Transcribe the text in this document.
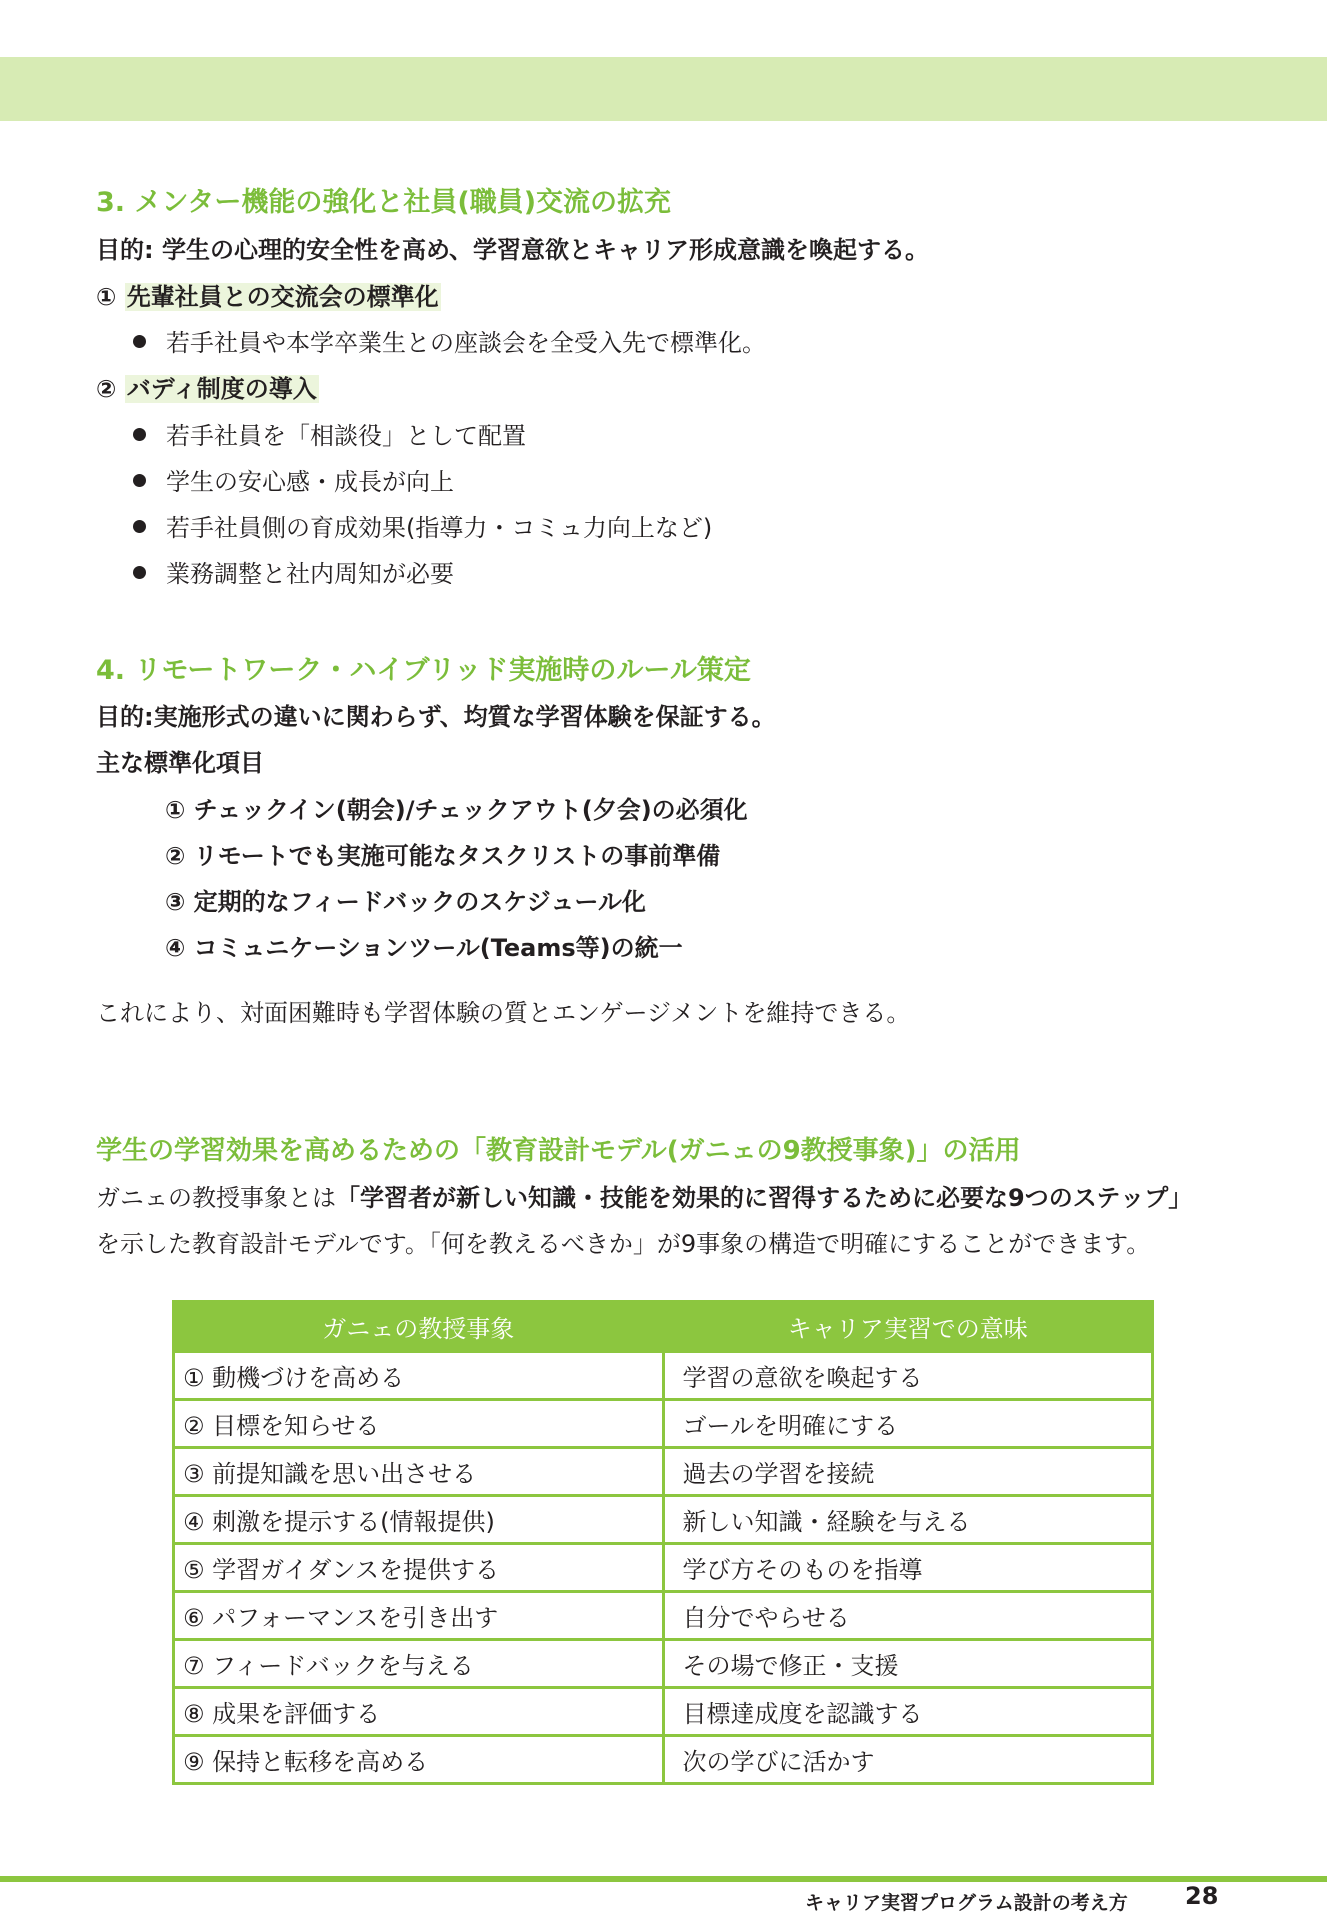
3. メンター機能の強化と社員(職員)交流の拡充
目的: 学生の心理的安全性を高め、学習意欲とキャリア形成意識を喚起する。
① 先輩社員との交流会の標準化
若手社員や本学卒業生との座談会を全受入先で標準化。
② バディ制度の導入
若手社員を「相談役」として配置
学生の安心感・成長が向上
若手社員側の育成効果(指導力・コミュ力向上など)
業務調整と社内周知が必要
4. リモートワーク・ハイブリッド実施時のルール策定
目的:実施形式の違いに関わらず、均質な学習体験を保証する。
主な標準化項目
① チェックイン(朝会)/チェックアウト(夕会)の必須化
② リモートでも実施可能なタスクリストの事前準備
③ 定期的なフィードバックのスケジュール化
④ コミュニケーションツール(Teams等)の統一
これにより、対面困難時も学習体験の質とエンゲージメントを維持できる。
学生の学習効果を高めるための「教育設計モデル(ガニェの9教授事象)」の活用
ガニェの教授事象とは「学習者が新しい知識・技能を効果的に習得するために必要な9つのステップ」
を示した教育設計モデルです。「何を教えるべきか」が9事象の構造で明確にすることができます。
ガニェの教授事象	キャリア実習での意味
① 動機づけを高める	学習の意欲を喚起する
② 目標を知らせる	ゴールを明確にする
③ 前提知識を思い出させる	過去の学習を接続
④ 刺激を提示する(情報提供)	新しい知識・経験を与える
⑤ 学習ガイダンスを提供する	学び方そのものを指導
⑥ パフォーマンスを引き出す	自分でやらせる
⑦ フィードバックを与える	その場で修正・支援
⑧ 成果を評価する	目標達成度を認識する
⑨ 保持と転移を高める	次の学びに活かす
キャリア実習プログラム設計の考え方 28
